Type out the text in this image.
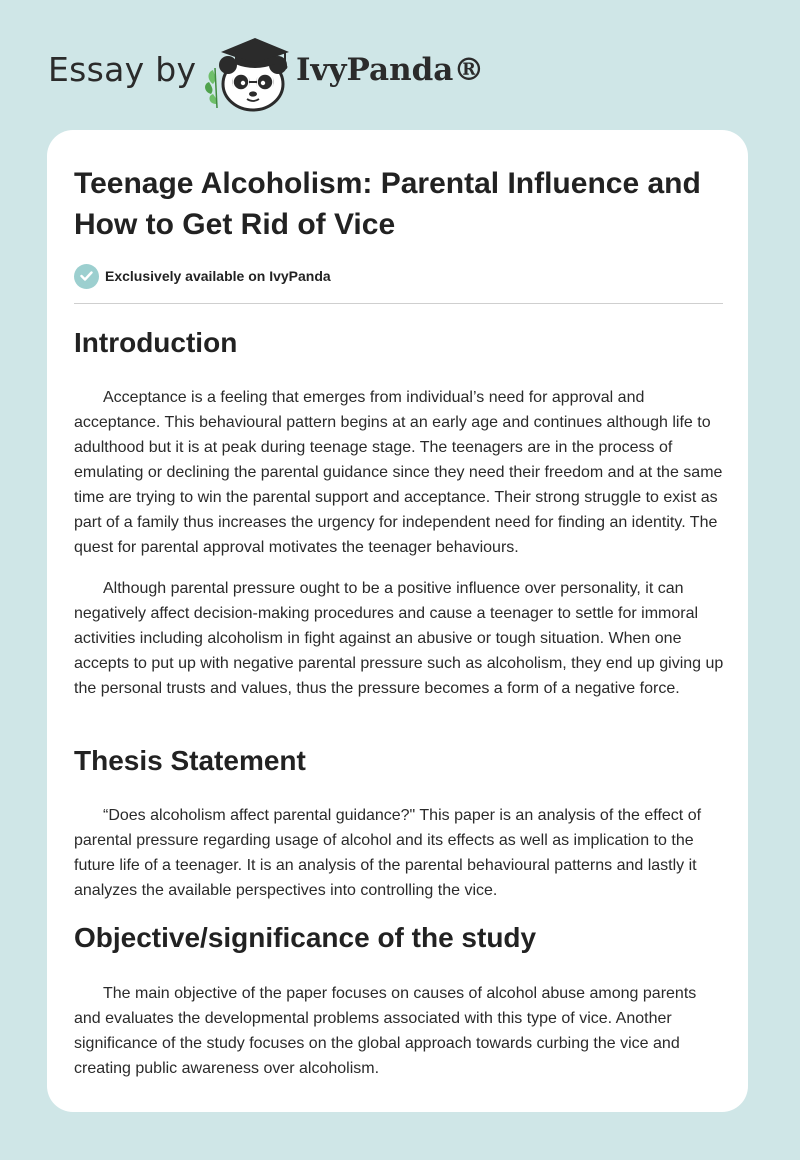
Essay by	IvyPanda®
Teenage Alcoholism: Parental Influence and How to Get Rid of Vice
Exclusively available on IvyPanda
Introduction

Acceptance is a feeling that emerges from individual’s need for approval and acceptance. This behavioural pattern begins at an early age and continues although life to adulthood but it is at peak during teenage stage. The teenagers are in the process of emulating or declining the parental guidance since they need their freedom and at the same time are trying to win the parental support and acceptance. Their strong struggle to exist as part of a family thus increases the urgency for independent need for finding an identity. The quest for parental approval motivates the teenager behaviours.

Although parental pressure ought to be a positive influence over personality, it can negatively affect decision-making procedures and cause a teenager to settle for immoral activities including alcoholism in fight against an abusive or tough situation. When one accepts to put up with negative parental pressure such as alcoholism, they end up giving up the personal trusts and values, thus the pressure becomes a form of a negative force.

Thesis Statement

“Does alcoholism affect parental guidance?" This paper is an analysis of the effect of parental pressure regarding usage of alcohol and its effects as well as implication to the future life of a teenager. It is an analysis of the parental behavioural patterns and lastly it analyzes the available perspectives into controlling the vice.

Objective/significance of the study

The main objective of the paper focuses on causes of alcohol abuse among parents and evaluates the developmental problems associated with this type of vice. Another significance of the study focuses on the global approach towards curbing the vice and creating public awareness over alcoholism.
